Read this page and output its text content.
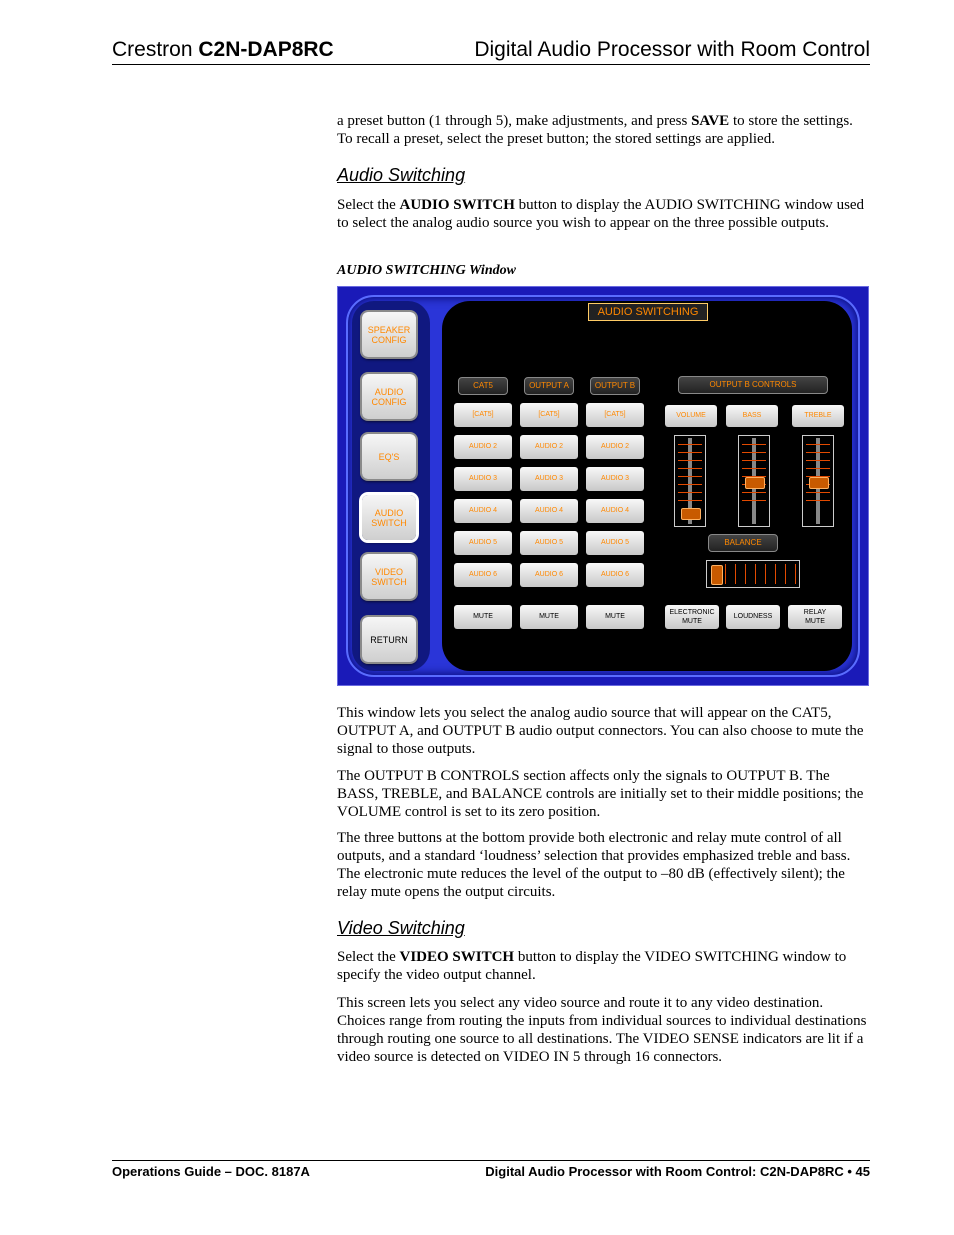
Crestron C2N-DAP8RC	Digital Audio Processor with Room Control

a preset button (1 through 5), make adjustments, and press SAVE to store the settings. To recall a preset, select the preset button; the stored settings are applied.

Audio Switching

Select the AUDIO SWITCH button to display the AUDIO SWITCHING window used to select the analog audio source you wish to appear on the three possible outputs.

AUDIO SWITCHING Window
SPEAKER
CONFIG
AUDIO
CONFIG
EQ'S
AUDIO
SWITCH
VIDEO
SWITCH
RETURN
AUDIO SWITCHING
CAT5	OUTPUT A	OUTPUT B	OUTPUT B CONTROLS
VOLUME	BASS	TREBLE
BALANCE
ELECTRONIC
MUTE
LOUDNESS
RELAY
MUTE
[CAT5]	[CAT5]	[CAT5]
AUDIO 2	AUDIO 2	AUDIO 2
AUDIO 3	AUDIO 3	AUDIO 3
AUDIO 4	AUDIO 4	AUDIO 4
AUDIO 5	AUDIO 5	AUDIO 5
AUDIO 6	AUDIO 6	AUDIO 6
MUTE	MUTE	MUTE

This window lets you select the analog audio source that will appear on the CAT5, OUTPUT A, and OUTPUT B audio output connectors. You can also choose to mute the signal to those outputs.

The OUTPUT B CONTROLS section affects only the signals to OUTPUT B. The BASS, TREBLE, and BALANCE controls are initially set to their middle positions; the VOLUME control is set to its zero position.

The three buttons at the bottom provide both electronic and relay mute control of all outputs, and a standard ‘loudness’ selection that provides emphasized treble and bass. The electronic mute reduces the level of the output to –80 dB (effectively silent); the relay mute opens the output circuits.

Video Switching

Select the VIDEO SWITCH button to display the VIDEO SWITCHING window to specify the video output channel.

This screen lets you select any video source and route it to any video destination. Choices range from routing the inputs from individual sources to individual destinations through routing one source to all destinations. The VIDEO SENSE indicators are lit if a video source is detected on VIDEO IN 5 through 16 connectors.

Operations Guide – DOC. 8187A	Digital Audio Processor with Room Control: C2N-DAP8RC • 45
